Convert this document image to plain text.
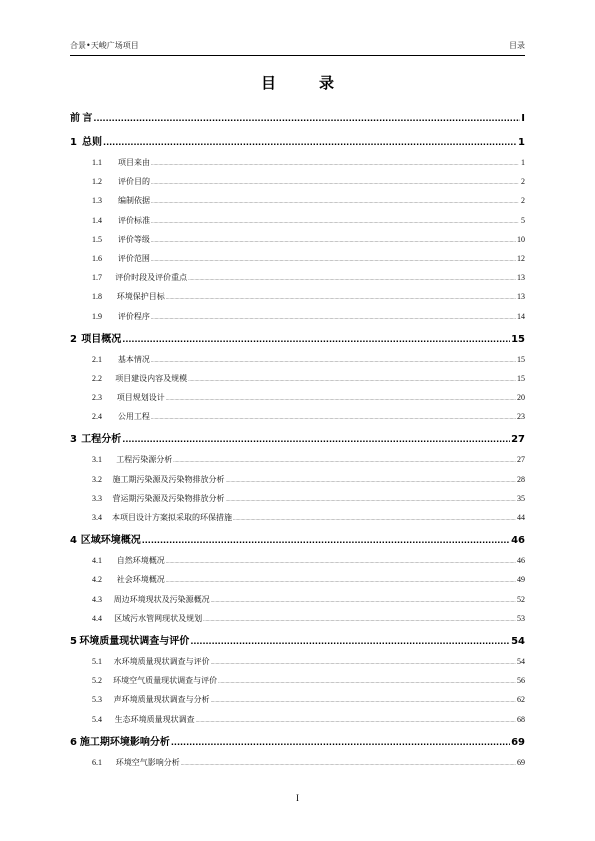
合景•天峻广场项目	目录
目　录
前 言 .....	I
1 总则 .....	1
1.1	项目来由 .....	1
1.2	评价目的 .....	2
1.3	编制依据 .....	2
1.4	评价标准 .....	5
1.5	评价等级 .....	10
1.6	评价范围 .....	12
1.7	评价时段及评价重点 .....	13
1.8	环境保护目标 .....	13
1.9	评价程序 .....	14
2 项目概况 .....	15
2.1	基本情况 .....	15
2.2	项目建设内容及规模 .....	15
2.3	项目规划设计 .....	20
2.4	公用工程 .....	23
3 工程分析 .....	27
3.1	工程污染源分析 .....	27
3.2	施工期污染源及污染物排放分析 .....	28
3.3	营运期污染源及污染物排放分析 .....	35
3.4	本项目设计方案拟采取的环保措施 .....	44
4 区域环境概况 .....	46
4.1	自然环境概况 .....	46
4.2	社会环境概况 .....	49
4.3	周边环境现状及污染源概况 .....	52
4.4	区域污水管网现状及规划 .....	53
5 环境质量现状调查与评价 .....	54
5.1	水环境质量现状调查与评价 .....	54
5.2	环境空气质量现状调查与评价 .....	56
5.3	声环境质量现状调查与分析 .....	62
5.4	生态环境质量现状调查 .....	68
6 施工期环境影响分析 .....	69
6.1	环境空气影响分析 .....	69
I
